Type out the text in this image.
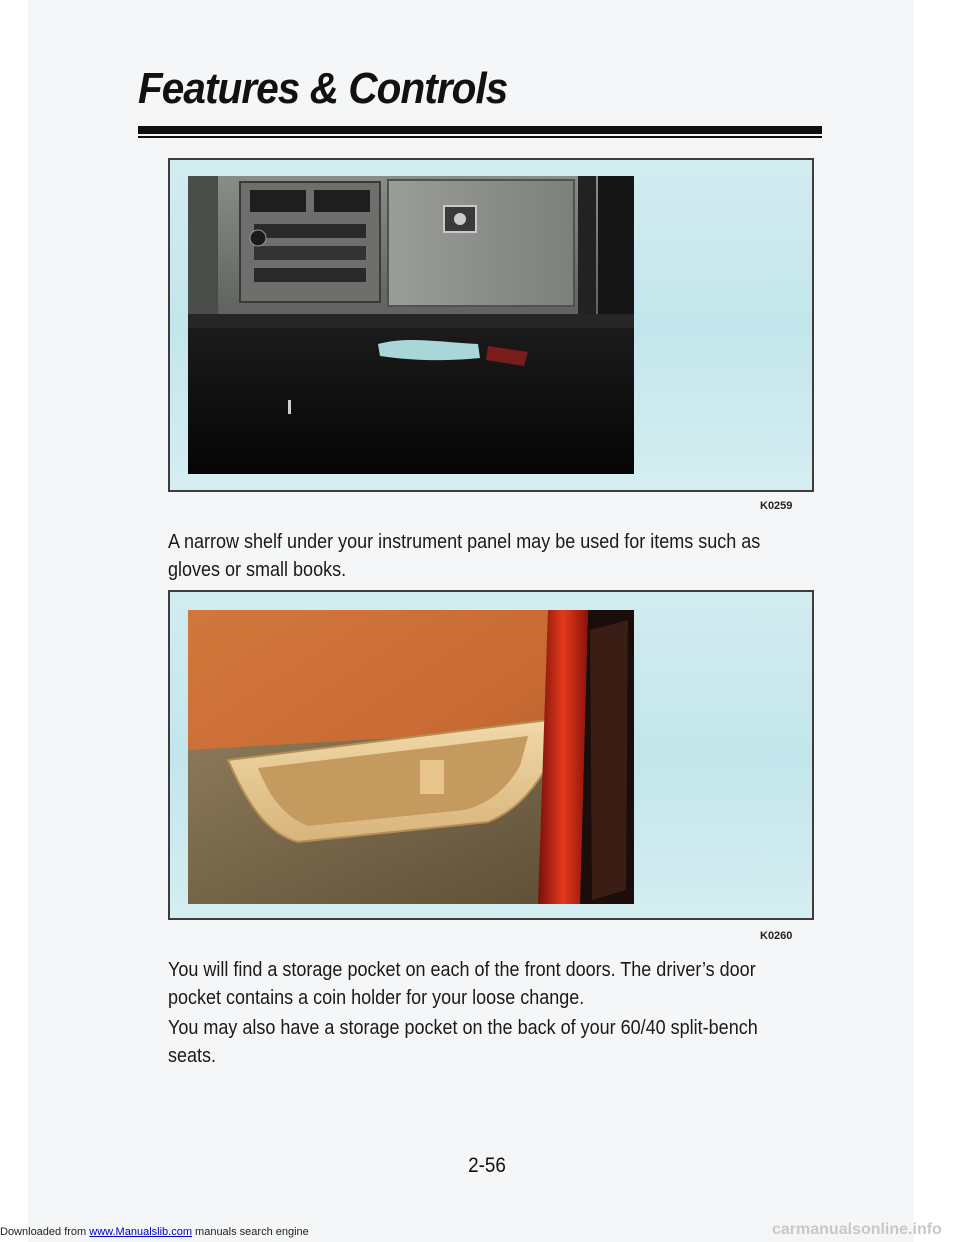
Features & Controls
K0259

A narrow shelf under your instrument panel may be used for items such as gloves or small books.

K0260

You will find a storage pocket on each of the front doors. The driver’s door pocket contains a coin holder for your loose change.

You may also have a storage pocket on the back of your 60/40 split-bench seats.

2-56
Downloaded from www.Manualslib.com manuals search engine	carmanualsonline.info
